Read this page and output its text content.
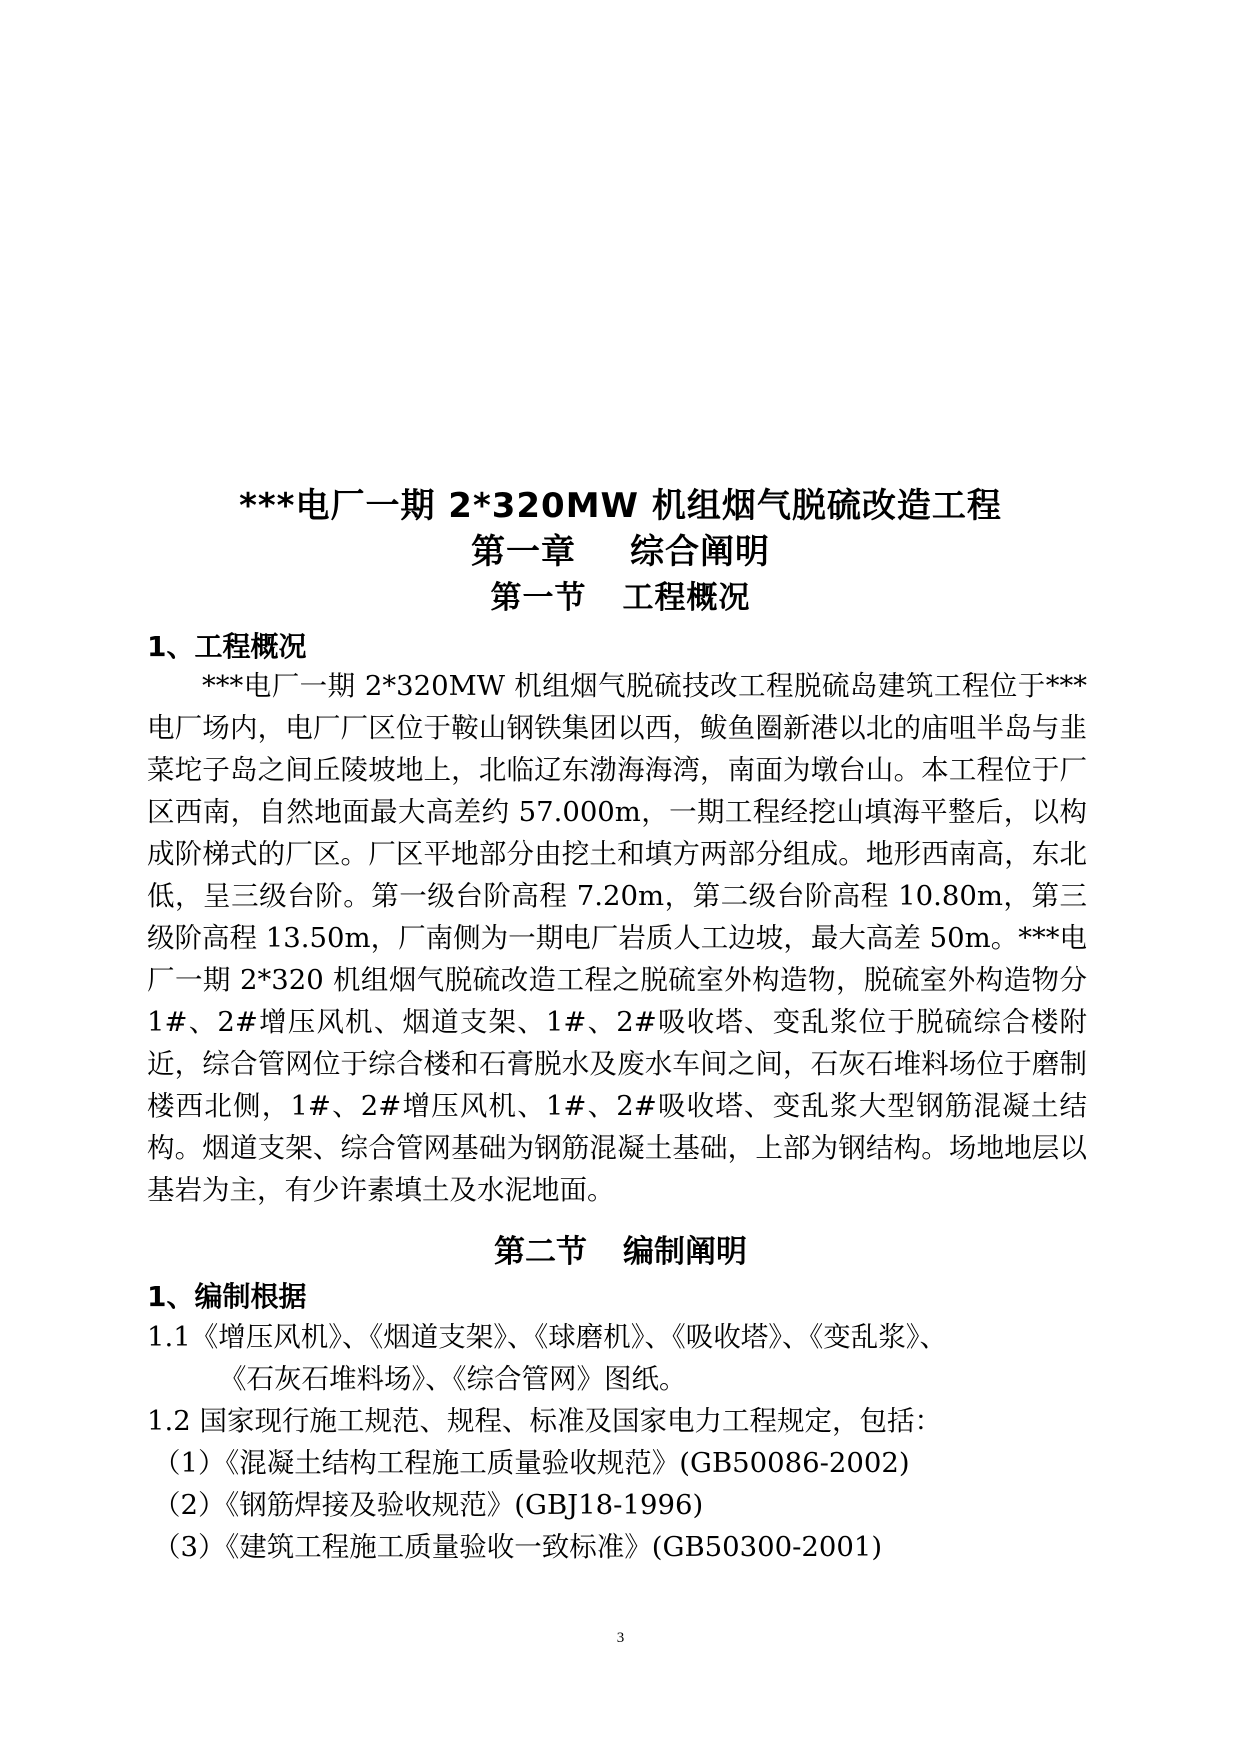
***电厂一期 2*320MW 机组烟气脱硫改造工程
第一章 综合阐明
第一节 工程概况
1、工程概况

***电厂一期 2*320MW 机组烟气脱硫技改工程脱硫岛建筑工程位于***电厂场内，电厂厂区位于鞍山钢铁集团以西，鲅鱼圈新港以北的庙咀半岛与韭菜坨子岛之间丘陵坡地上，北临辽东渤海海湾，南面为墩台山。本工程位于厂区西南，自然地面最大高差约 57.000m，一期工程经挖山填海平整后，以构成阶梯式的厂区。厂区平地部分由挖土和填方两部分组成。地形西南高，东北低，呈三级台阶。第一级台阶高程 7.20m，第二级台阶高程 10.80m，第三级阶高程 13.50m，厂南侧为一期电厂岩质人工边坡，最大高差 50m。***电厂一期 2*320 机组烟气脱硫改造工程之脱硫室外构造物，脱硫室外构造物分 1#、2#增压风机、烟道支架、1#、2#吸收塔、变乱浆位于脱硫综合楼附近，综合管网位于综合楼和石膏脱水及废水车间之间，石灰石堆料场位于磨制楼西北侧，1#、2#增压风机、1#、2#吸收塔、变乱浆大型钢筋混凝土结构。烟道支架、综合管网基础为钢筋混凝土基础，上部为钢结构。场地地层以基岩为主，有少许素填土及水泥地面。

第二节 编制阐明
1、编制根据

1.1《增压风机》、《烟道支架》、《球磨机》、《吸收塔》、《变乱浆》、

《石灰石堆料场》、《综合管网》图纸。

1.2 国家现行施工规范、规程、标准及国家电力工程规定，包括：

（1）《混凝土结构工程施工质量验收规范》(GB50086-2002)

（2）《钢筋焊接及验收规范》(GBJ18-1996)

（3）《建筑工程施工质量验收一致标准》(GB50300-2001)

3
